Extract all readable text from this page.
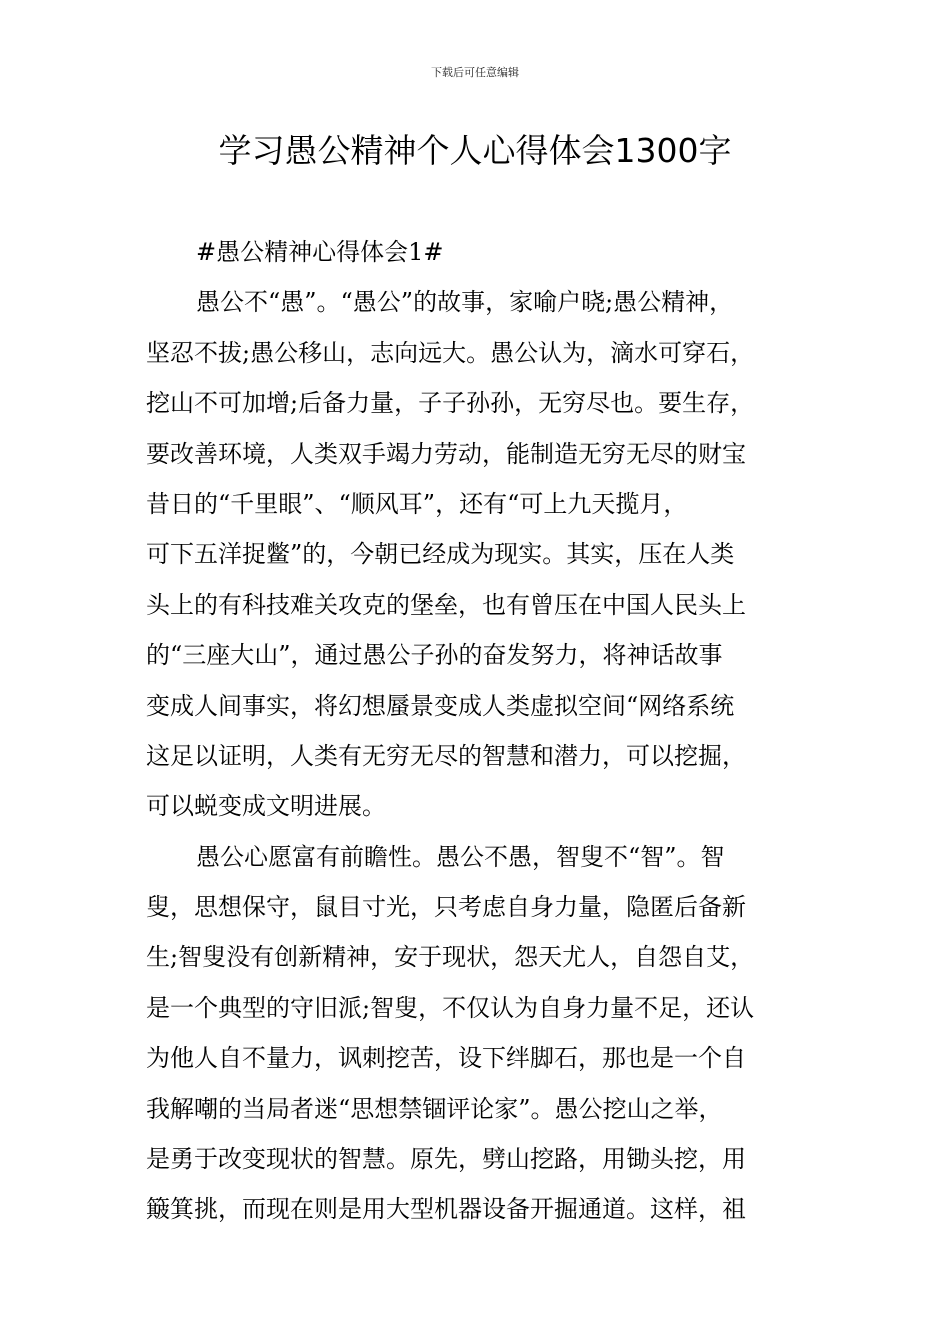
下载后可任意编辑
学习愚公精神个人心得体会1300字
#愚公精神心得体会1#
愚公不“愚”。“愚公”的故事，家喻户晓;愚公精神，
坚忍不拔;愚公移山，志向远大。愚公认为，滴水可穿石，
挖山不可加增;后备力量，子子孙孙，无穷尽也。要生存，
要改善环境，人类双手竭力劳动，能制造无穷无尽的财宝
昔日的“千里眼”、“顺风耳”，还有“可上九天揽月，
可下五洋捉鳖”的，今朝已经成为现实。其实，压在人类
头上的有科技难关攻克的堡垒，也有曾压在中国人民头上
的“三座大山”，通过愚公子孙的奋发努力，将神话故事
变成人间事实，将幻想蜃景变成人类虚拟空间“网络系统
这足以证明，人类有无穷无尽的智慧和潜力，可以挖掘，
可以蜕变成文明进展。
愚公心愿富有前瞻性。愚公不愚，智叟不“智”。智
叟，思想保守，鼠目寸光，只考虑自身力量，隐匿后备新
生;智叟没有创新精神，安于现状，怨天尤人，自怨自艾，
是一个典型的守旧派;智叟，不仅认为自身力量不足，还认
为他人自不量力，讽刺挖苦，设下绊脚石，那也是一个自
我解嘲的当局者迷“思想禁锢评论家”。愚公挖山之举，
是勇于改变现状的智慧。原先，劈山挖路，用锄头挖，用
簸箕挑，而现在则是用大型机器设备开掘通道。这样，祖
